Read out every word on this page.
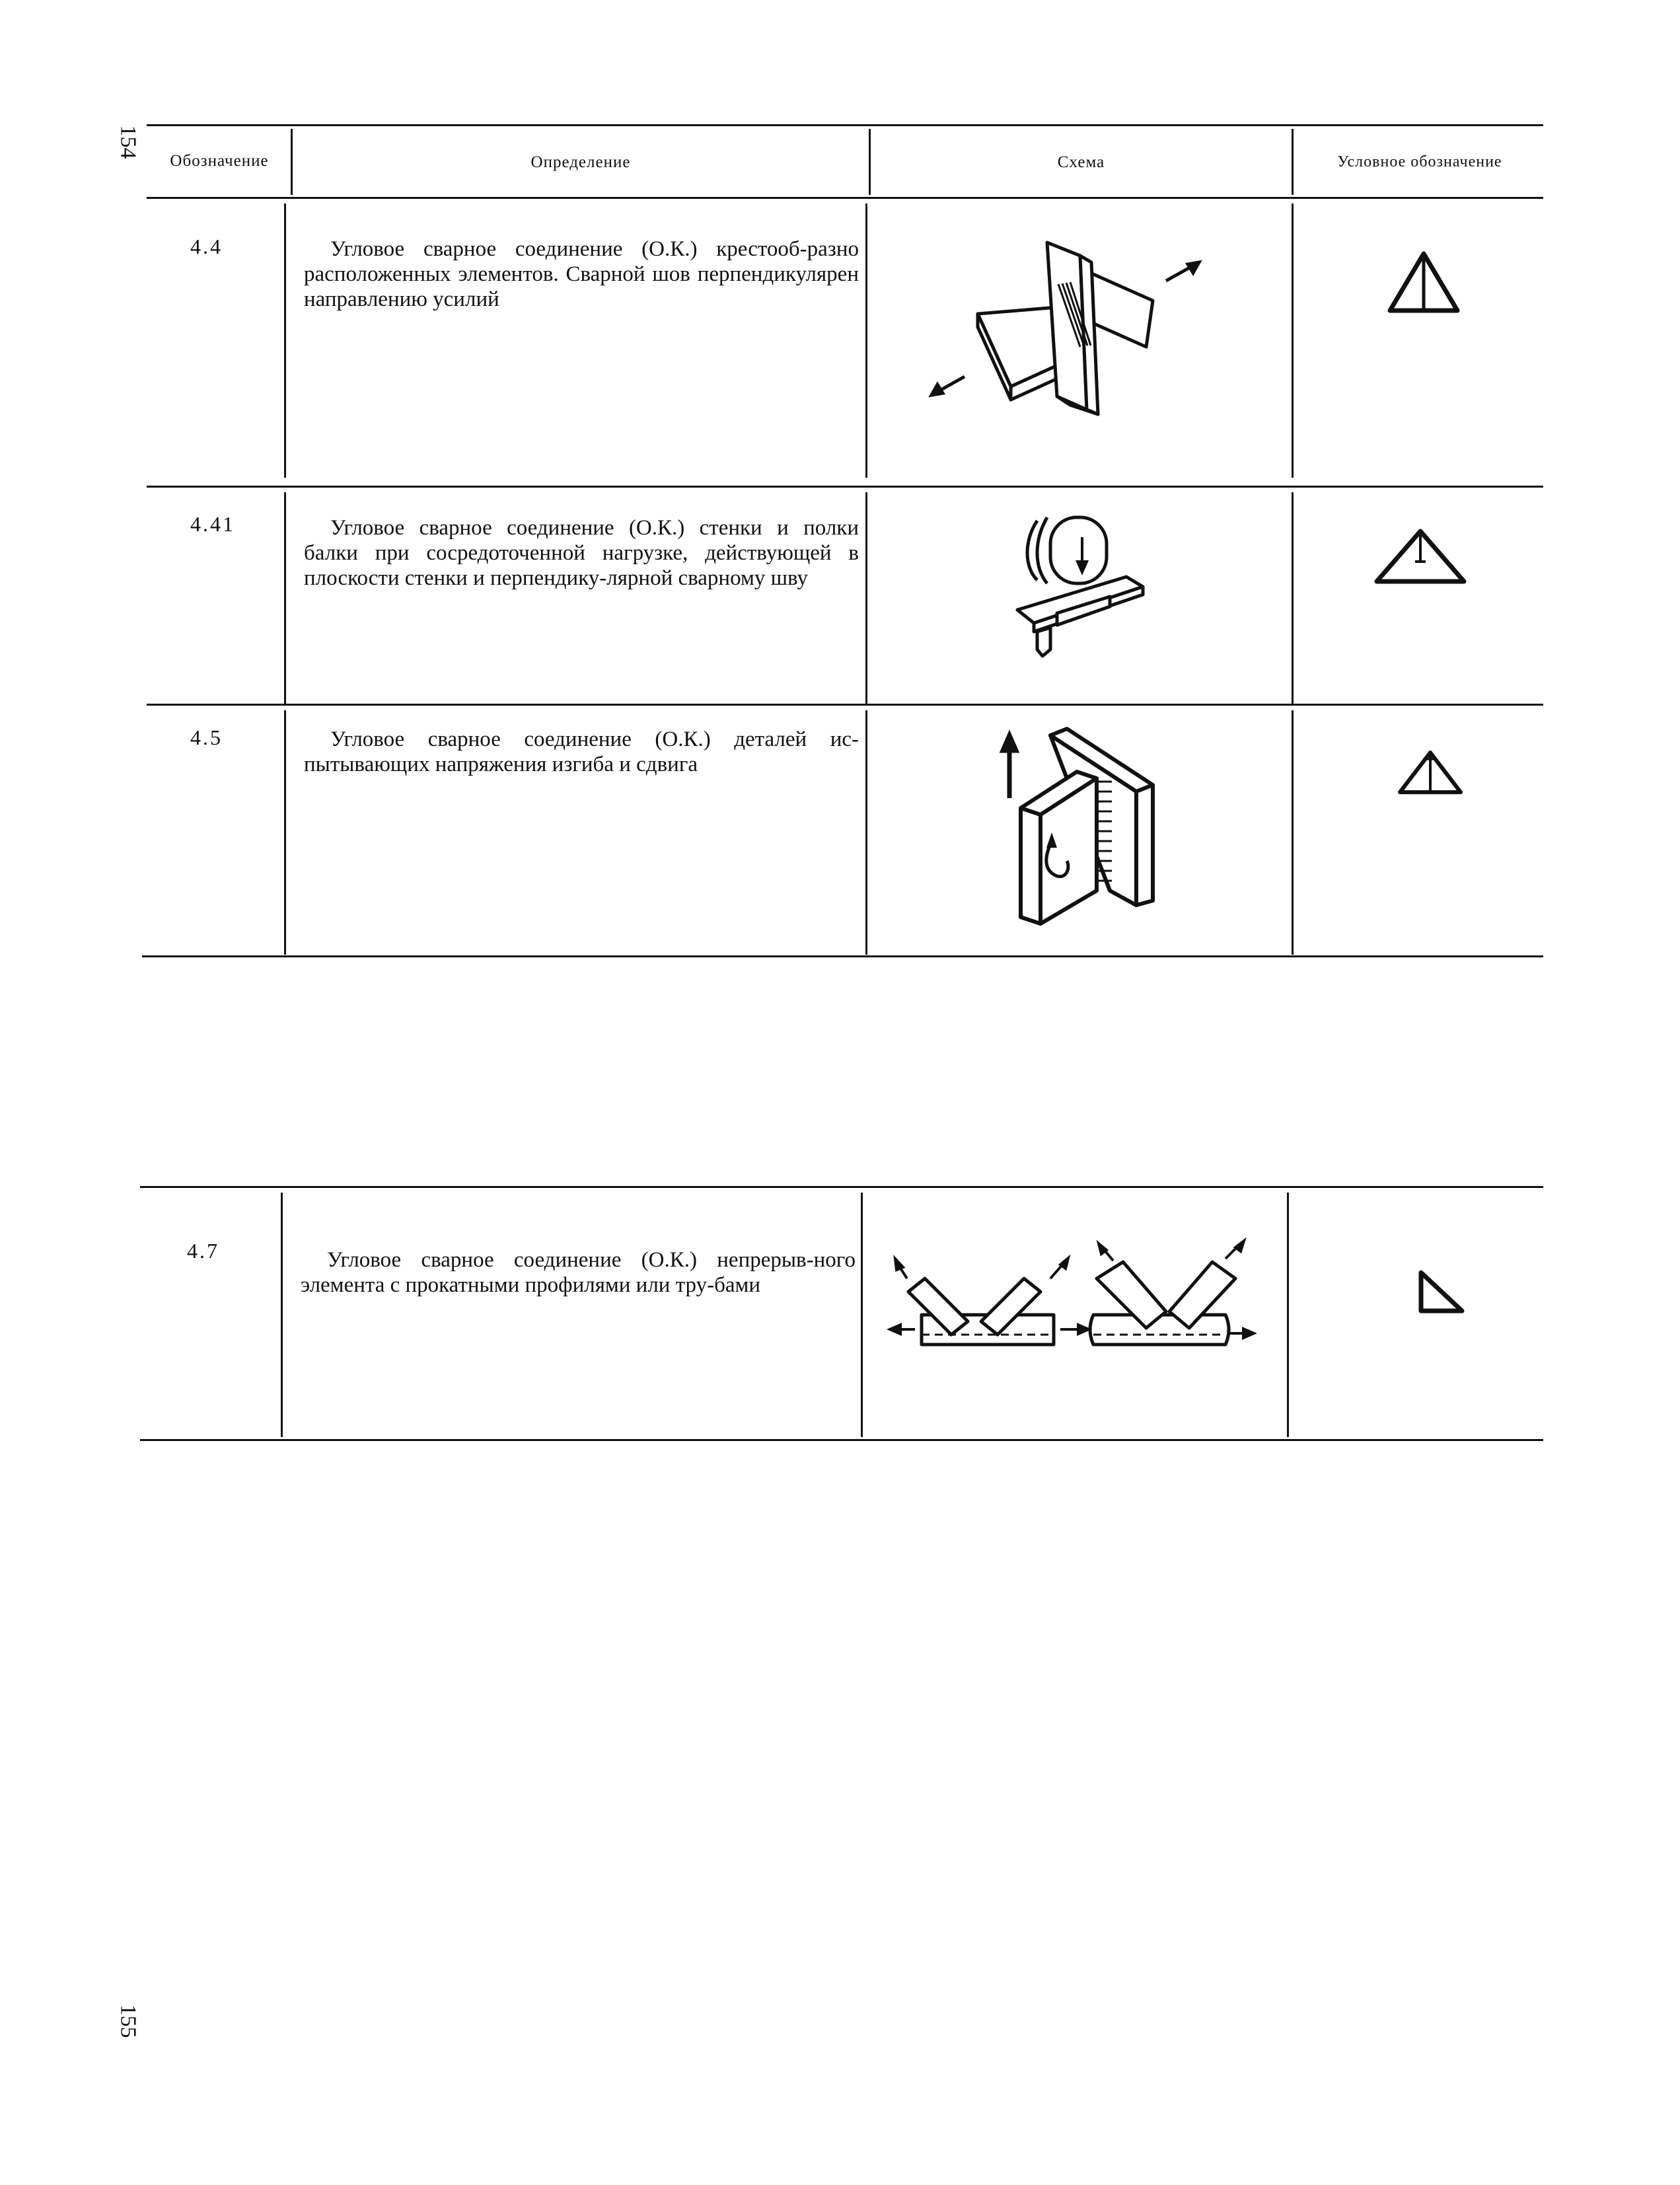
154
155
Обозначение	Определение	Схема	Условное обозначение
4.4	Угловое сварное соединение (О.К.) крестооб-разно расположенных элементов. Сварной шов перпендикулярен направлению усилий
4.41	Угловое сварное соединение (О.К.) стенки и полки балки при сосредоточенной нагрузке, действующей в плоскости стенки и перпендику-лярной сварному шву
4.5	Угловое сварное соединение (О.К.) деталей ис-пытывающих напряжения изгиба и сдвига
4.7	Угловое сварное соединение (О.К.) непрерыв-ного элемента с прокатными профилями или тру-бами
